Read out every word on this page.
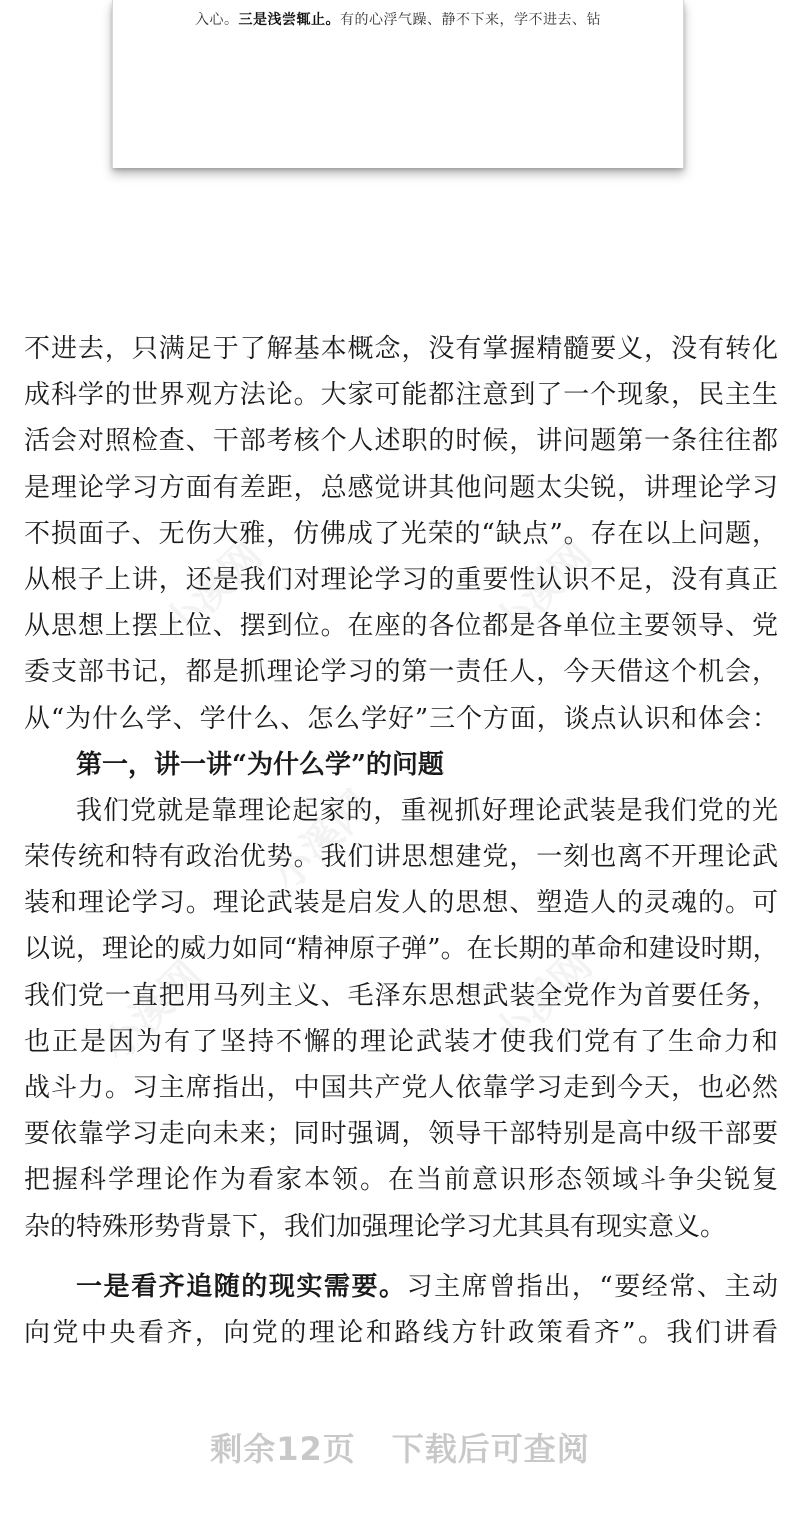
入心。三是浅尝辄止。有的心浮气躁、静不下来，学不进去、钻
小溪网	小溪网
小溪网
小溪网	小溪网
不进去，只满足于了解基本概念，没有掌握精髓要义，没有转化
成科学的世界观方法论。大家可能都注意到了一个现象，民主生
活会对照检查、干部考核个人述职的时候，讲问题第一条往往都
是理论学习方面有差距，总感觉讲其他问题太尖锐，讲理论学习
不损面子、无伤大雅，仿佛成了光荣的“缺点”。存在以上问题，
从根子上讲，还是我们对理论学习的重要性认识不足，没有真正
从思想上摆上位、摆到位。在座的各位都是各单位主要领导、党
委支部书记，都是抓理论学习的第一责任人，今天借这个机会，
从“为什么学、学什么、怎么学好”三个方面，谈点认识和体会：
第一，讲一讲“为什么学”的问题
我们党就是靠理论起家的，重视抓好理论武装是我们党的光
荣传统和特有政治优势。我们讲思想建党，一刻也离不开理论武
装和理论学习。理论武装是启发人的思想、塑造人的灵魂的。可
以说，理论的威力如同“精神原子弹”。在长期的革命和建设时期，
我们党一直把用马列主义、毛泽东思想武装全党作为首要任务，
也正是因为有了坚持不懈的理论武装才使我们党有了生命力和
战斗力。习主席指出，中国共产党人依靠学习走到今天，也必然
要依靠学习走向未来；同时强调，领导干部特别是高中级干部要
把握科学理论作为看家本领。在当前意识形态领域斗争尖锐复
杂的特殊形势背景下，我们加强理论学习尤其具有现实意义。
一是看齐追随的现实需要。习主席曾指出，“要经常、主动
向党中央看齐，向党的理论和路线方针政策看齐”。我们讲看
剩余12页 下载后可查阅
